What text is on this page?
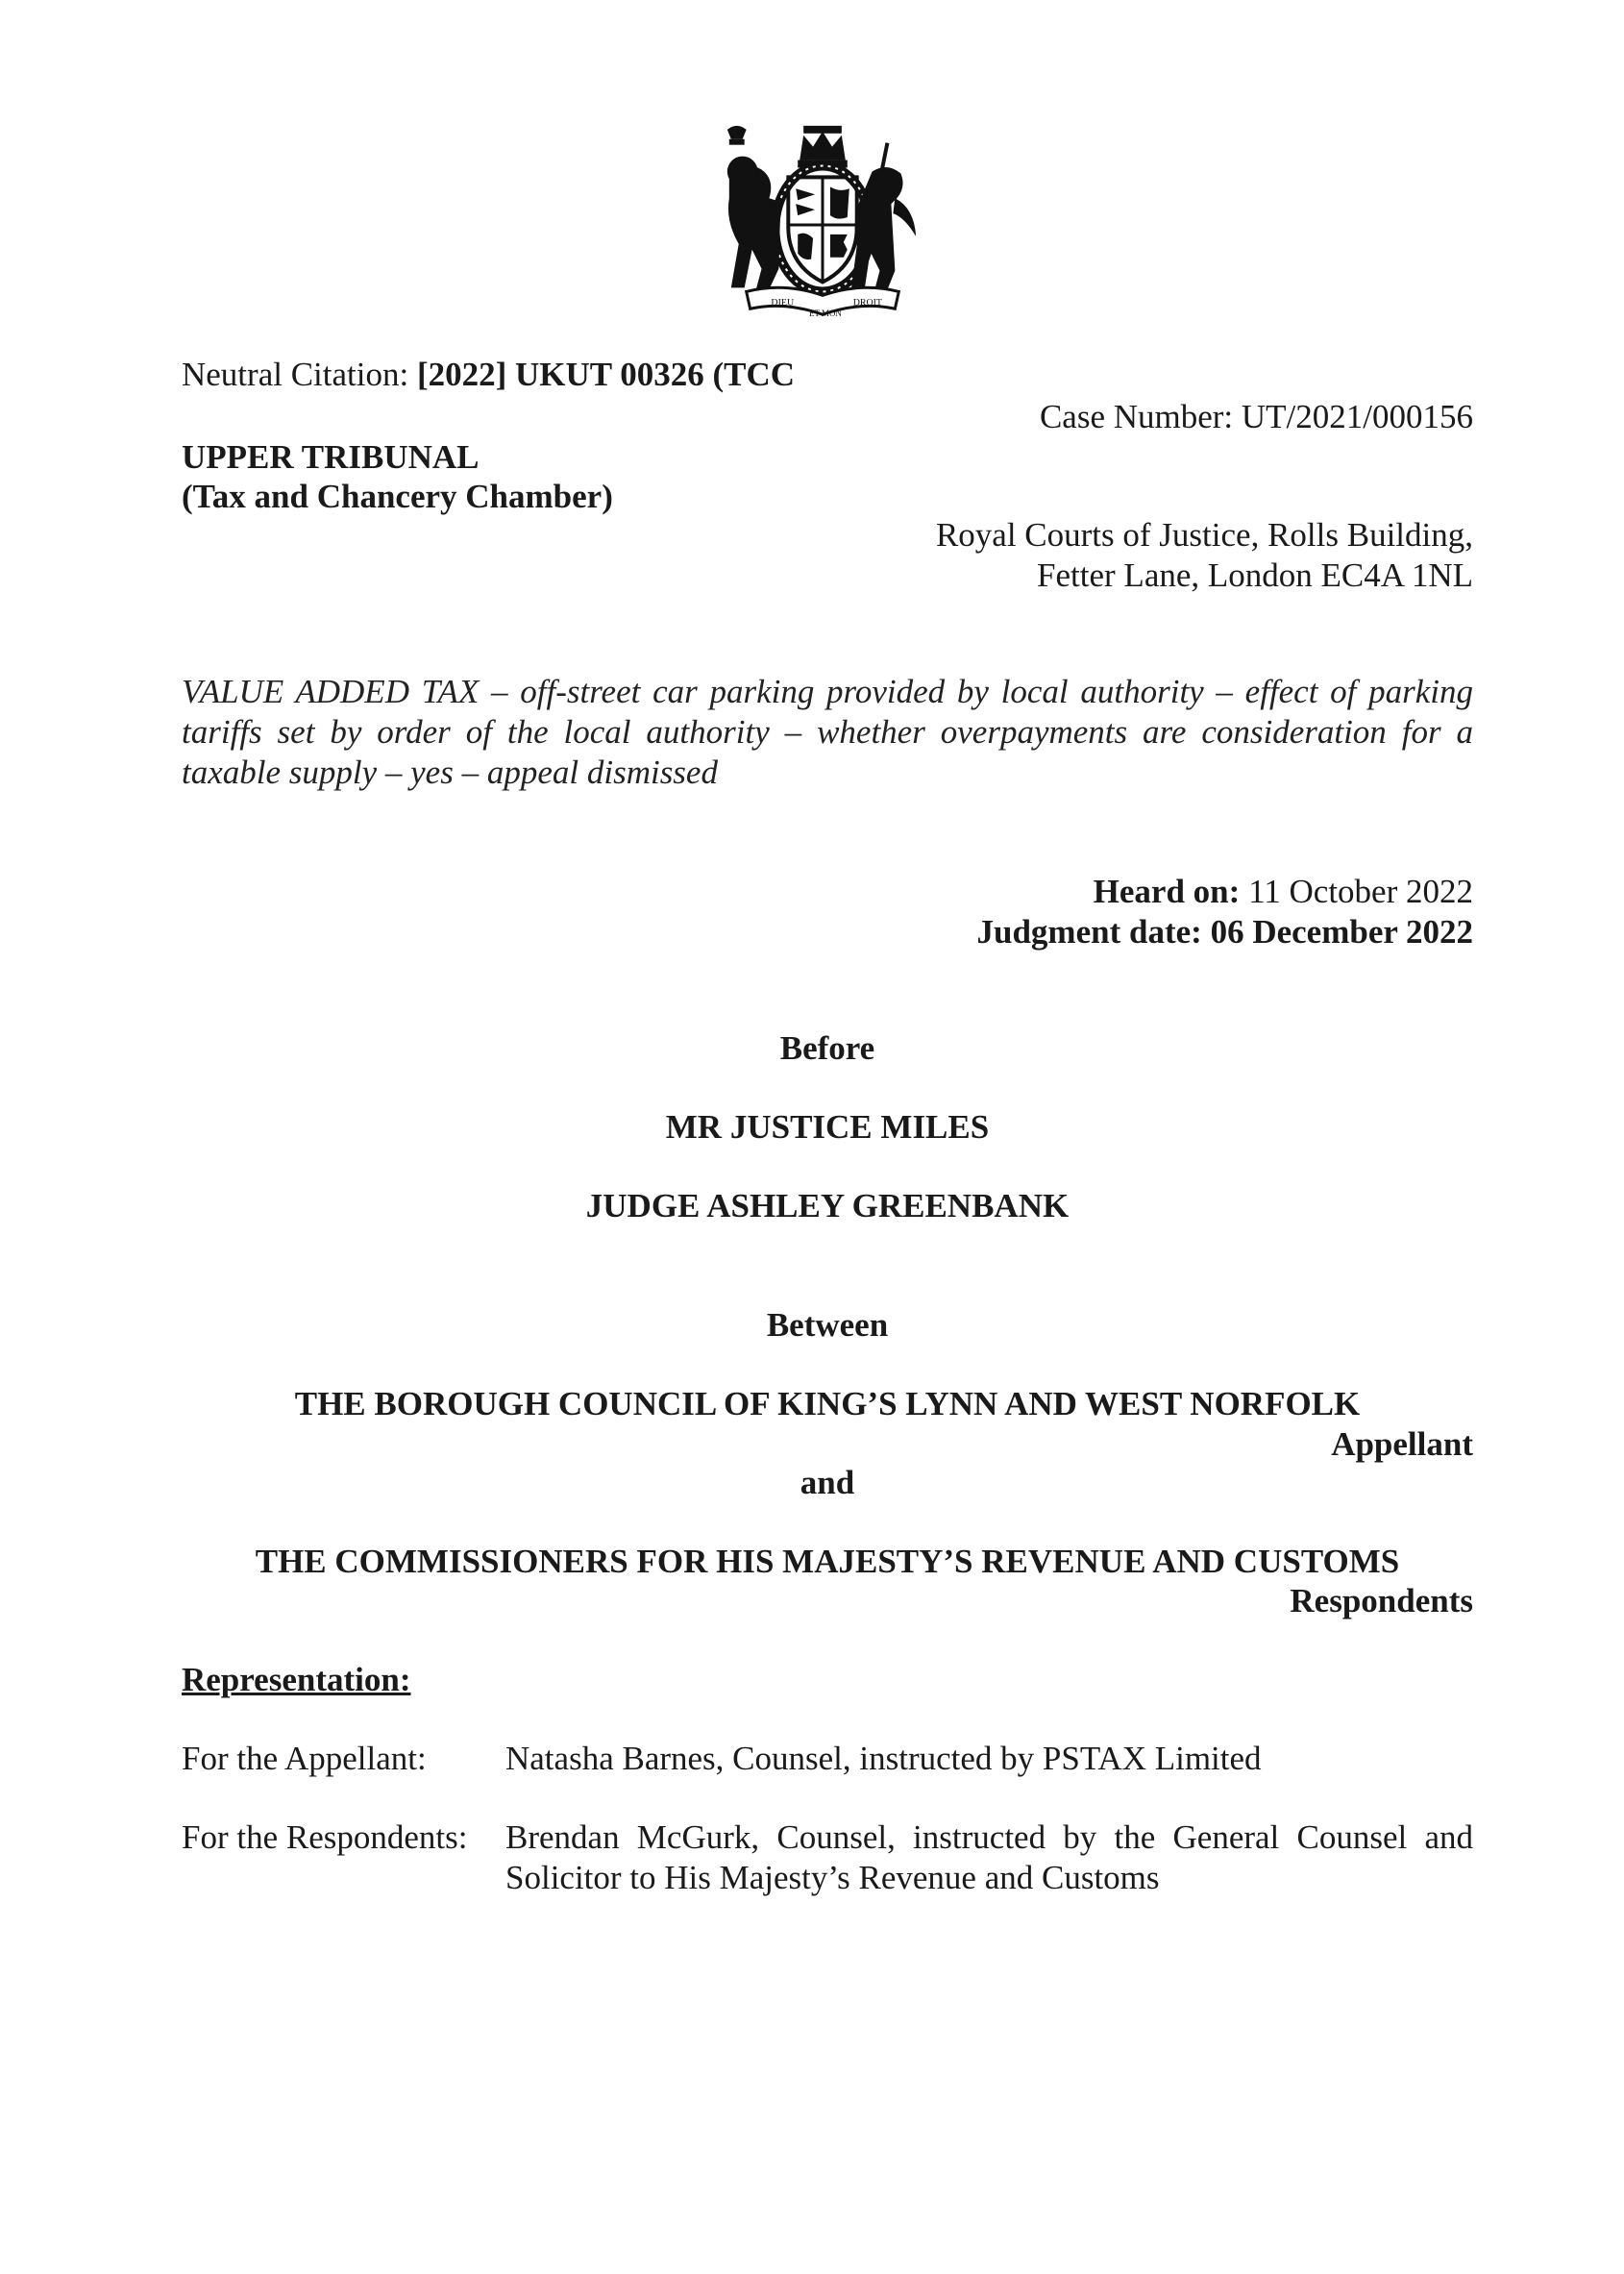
DIEU
ET MON
DROIT

Neutral Citation: [2022] UKUT 00326 (TCC

Case Number: UT/2021/000156

UPPER TRIBUNAL

(Tax and Chancery Chamber)

Royal Courts of Justice, Rolls Building,

Fetter Lane, London EC4A 1NL

VALUE ADDED TAX – off-street car parking provided by local authority – effect of parking tariffs set by order of the local authority – whether overpayments are consideration for a taxable supply – yes – appeal dismissed

Heard on: 11 October 2022

Judgment date: 06 December 2022

Before

MR JUSTICE MILES

JUDGE ASHLEY GREENBANK

Between

THE BOROUGH COUNCIL OF KING’S LYNN AND WEST NORFOLK

Appellant

and

THE COMMISSIONERS FOR HIS MAJESTY’S REVENUE AND CUSTOMS

Respondents

Representation:

For the Appellant: Natasha Barnes, Counsel, instructed by PSTAX Limited

For the Respondents: Brendan McGurk, Counsel, instructed by the General Counsel and Solicitor to His Majesty’s Revenue and Customs
